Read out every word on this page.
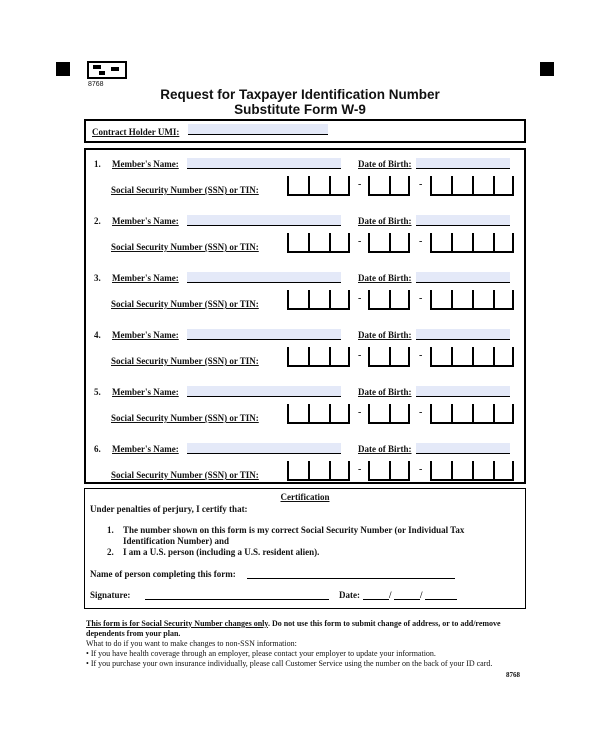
8768
Request for Taxpayer Identification Number
Substitute Form W-9
Contract Holder UMI:
1. Member's Name:	Date of Birth:
Social Security Number (SSN) or TIN:	-	-
2. Member's Name:	Date of Birth:
Social Security Number (SSN) or TIN:	-	-
3. Member's Name:	Date of Birth:
Social Security Number (SSN) or TIN:	-	-
4. Member's Name:	Date of Birth:
Social Security Number (SSN) or TIN:	-	-
5. Member's Name:	Date of Birth:
Social Security Number (SSN) or TIN:	-	-
6. Member's Name:	Date of Birth:
Social Security Number (SSN) or TIN:	-	-
Certification
Under penalties of perjury, I certify that:
1. The number shown on this form is my correct Social Security Number (or Individual Tax
Identification Number) and
2. I am a U.S. person (including a U.S. resident alien).
Name of person completing this form:
Signature:	Date:	/	/
This form is for Social Security Number changes only. Do not use this form to submit change of address, or to add/remove
dependents from your plan.
What to do if you want to make changes to non-SSN information:
• If you have health coverage through an employer, please contact your employer to update your information.
• If you purchase your own insurance individually, please call Customer Service using the number on the back of your ID card.
8768
